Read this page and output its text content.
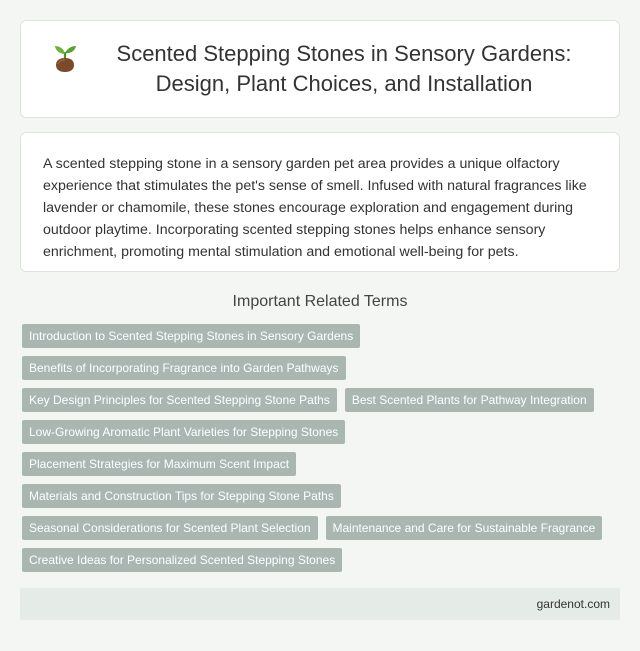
Scented Stepping Stones in Sensory Gardens: Design, Plant Choices, and Installation

A scented stepping stone in a sensory garden pet area provides a unique olfactory experience that stimulates the pet's sense of smell. Infused with natural fragrances like lavender or chamomile, these stones encourage exploration and engagement during outdoor playtime. Incorporating scented stepping stones helps enhance sensory enrichment, promoting mental stimulation and emotional well-being for pets.

Important Related Terms
Introduction to Scented Stepping Stones in Sensory Gardens
Benefits of Incorporating Fragrance into Garden Pathways
Key Design Principles for Scented Stepping Stone Paths	Best Scented Plants for Pathway Integration
Low-Growing Aromatic Plant Varieties for Stepping Stones
Placement Strategies for Maximum Scent Impact
Materials and Construction Tips for Stepping Stone Paths
Seasonal Considerations for Scented Plant Selection	Maintenance and Care for Sustainable Fragrance
Creative Ideas for Personalized Scented Stepping Stones
gardenot.com
